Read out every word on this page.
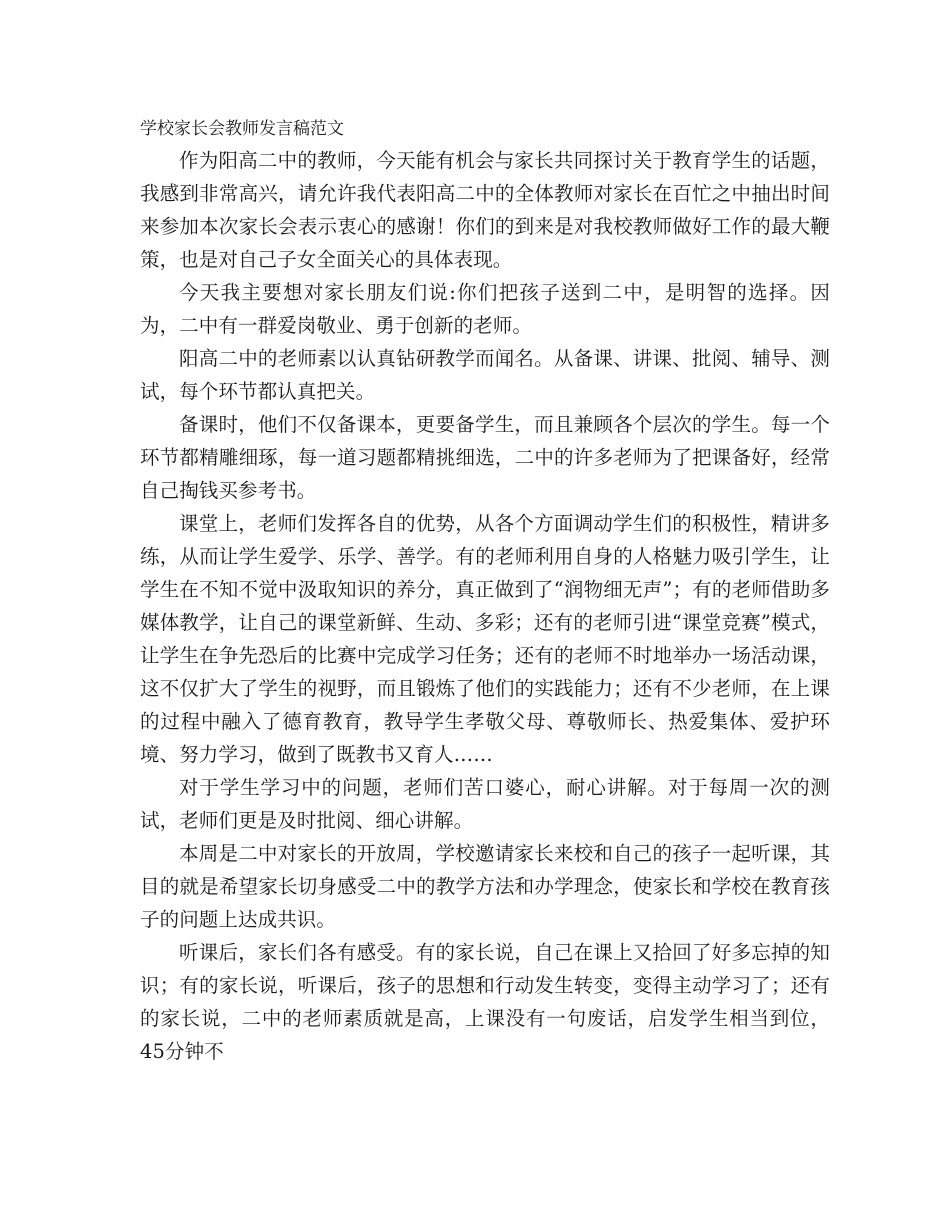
学校家长会教师发言稿范文

作为阳高二中的教师，今天能有机会与家长共同探讨关于教育学生的话题，我感到非常高兴，请允许我代表阳高二中的全体教师对家长在百忙之中抽出时间来参加本次家长会表示衷心的感谢！你们的到来是对我校教师做好工作的最大鞭策，也是对自己子女全面关心的具体表现。

今天我主要想对家长朋友们说:你们把孩子送到二中，是明智的选择。因为，二中有一群爱岗敬业、勇于创新的老师。

阳高二中的老师素以认真钻研教学而闻名。从备课、讲课、批阅、辅导、测试，每个环节都认真把关。

备课时，他们不仅备课本，更要备学生，而且兼顾各个层次的学生。每一个环节都精雕细琢，每一道习题都精挑细选，二中的许多老师为了把课备好，经常自己掏钱买参考书。

课堂上，老师们发挥各自的优势，从各个方面调动学生们的积极性，精讲多练，从而让学生爱学、乐学、善学。有的老师利用自身的人格魅力吸引学生，让学生在不知不觉中汲取知识的养分，真正做到了“润物细无声”；有的老师借助多媒体教学，让自己的课堂新鲜、生动、多彩；还有的老师引进“课堂竞赛”模式，让学生在争先恐后的比赛中完成学习任务；还有的老师不时地举办一场活动课，这不仅扩大了学生的视野，而且锻炼了他们的实践能力；还有不少老师，在上课的过程中融入了德育教育，教导学生孝敬父母、尊敬师长、热爱集体、爱护环境、努力学习，做到了既教书又育人……

对于学生学习中的问题，老师们苦口婆心，耐心讲解。对于每周一次的测试，老师们更是及时批阅、细心讲解。

本周是二中对家长的开放周，学校邀请家长来校和自己的孩子一起听课，其目的就是希望家长切身感受二中的教学方法和办学理念，使家长和学校在教育孩子的问题上达成共识。

听课后，家长们各有感受。有的家长说，自己在课上又拾回了好多忘掉的知识；有的家长说，听课后，孩子的思想和行动发生转变，变得主动学习了；还有的家长说，二中的老师素质就是高，上课没有一句废话，启发学生相当到位，45分钟不
